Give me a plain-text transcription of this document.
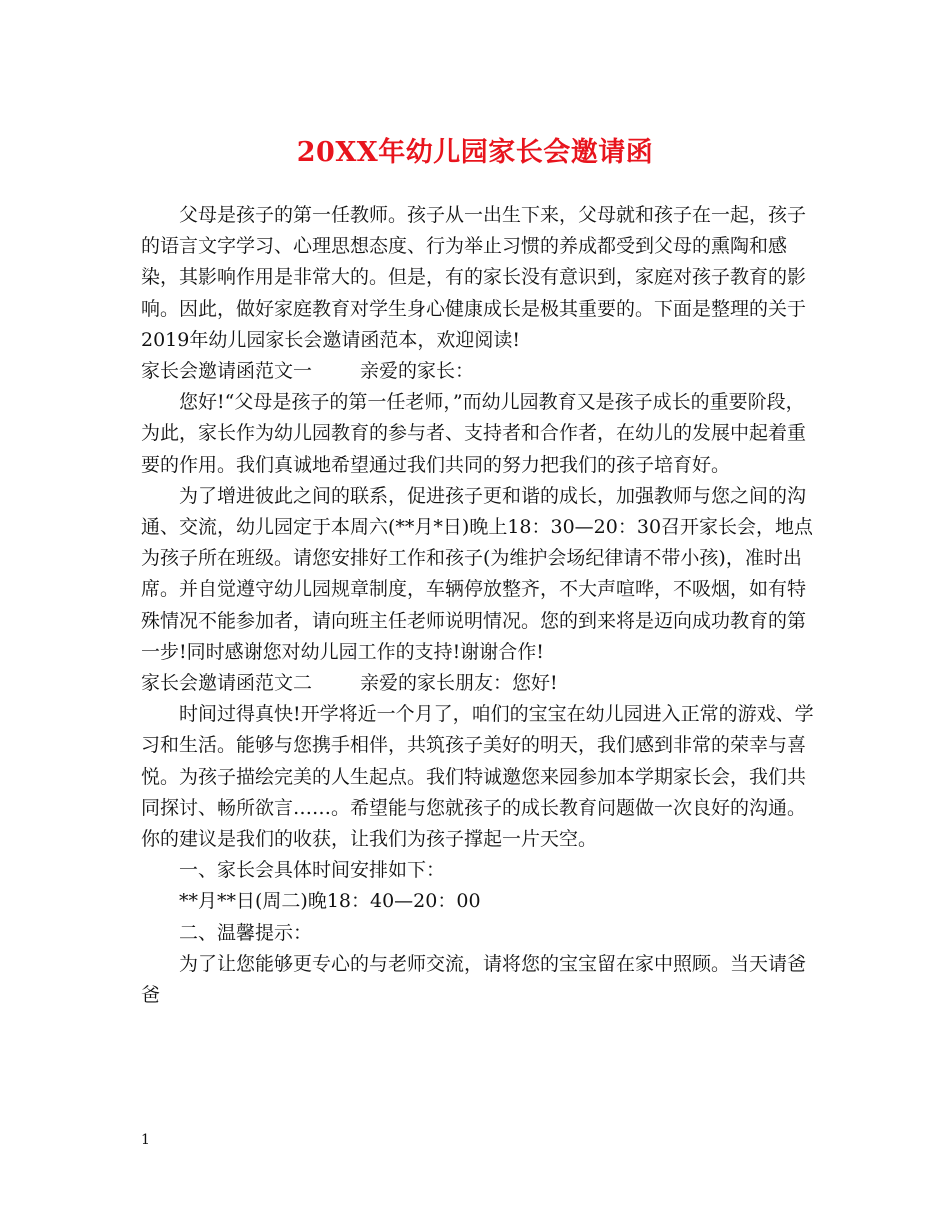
20XX年幼儿园家长会邀请函

父母是孩子的第一任教师。孩子从一出生下来，父母就和孩子在一起，孩子的语言文字学习、心理思想态度、行为举止习惯的养成都受到父母的熏陶和感染，其影响作用是非常大的。但是，有的家长没有意识到，家庭对孩子教育的影响。因此，做好家庭教育对学生身心健康成长是极其重要的。下面是整理的关于2019年幼儿园家长会邀请函范本，欢迎阅读!

家长会邀请函范文一	亲爱的家长：

您好!“父母是孩子的第一任老师，”而幼儿园教育又是孩子成长的重要阶段，为此，家长作为幼儿园教育的参与者、支持者和合作者，在幼儿的发展中起着重要的作用。我们真诚地希望通过我们共同的努力把我们的孩子培育好。

为了增进彼此之间的联系，促进孩子更和谐的成长，加强教师与您之间的沟通、交流，幼儿园定于本周六(**月*日)晚上18：30—20：30召开家长会，地点为孩子所在班级。请您安排好工作和孩子(为维护会场纪律请不带小孩)，准时出席。并自觉遵守幼儿园规章制度，车辆停放整齐，不大声喧哗，不吸烟，如有特殊情况不能参加者，请向班主任老师说明情况。您的到来将是迈向成功教育的第一步!同时感谢您对幼儿园工作的支持!谢谢合作!

家长会邀请函范文二	亲爱的家长朋友：您好!

时间过得真快!开学将近一个月了，咱们的宝宝在幼儿园进入正常的游戏、学习和生活。能够与您携手相伴，共筑孩子美好的明天，我们感到非常的荣幸与喜悦。为孩子描绘完美的人生起点。我们特诚邀您来园参加本学期家长会，我们共同探讨、畅所欲言……。希望能与您就孩子的成长教育问题做一次良好的沟通。你的建议是我们的收获，让我们为孩子撑起一片天空。

一、家长会具体时间安排如下：

**月**日(周二)晚18：40—20：00

二、温馨提示：

为了让您能够更专心的与老师交流，请将您的宝宝留在家中照顾。当天请爸爸

1
